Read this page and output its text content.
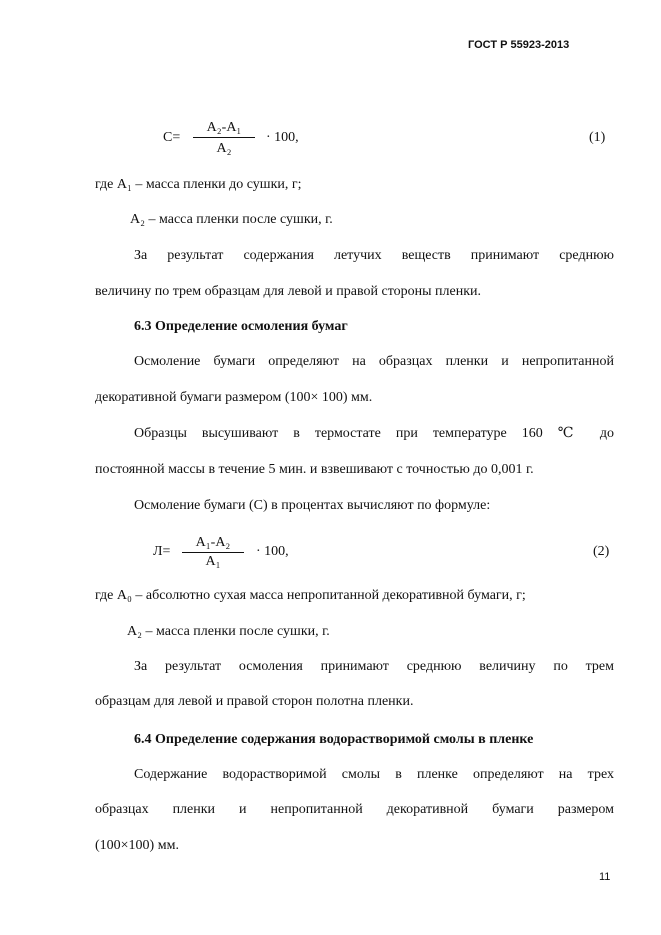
ГОСТ Р 55923-2013
С=
А₂-А₁
А₂
· 100,	(1)
где А₁ – масса пленки до сушки, г;
А₂ – масса пленки после сушки, г.
За результат содержания летучих веществ принимают среднюю
величину по трем образцам для левой и правой стороны пленки.
6.3 Определение осмоления бумаг
Осмоление бумаги определяют на образцах пленки и непропитанной
декоративной бумаги размером (100× 100) мм.
Образцы высушивают в термостате при температуре 160 ℃ до
постоянной массы в течение 5 мин. и взвешивают с точностью до 0,001 г.
Осмоление бумаги (С) в процентах вычисляют по формуле:
Л=
А₁-А₂
А₁
· 100,	(2)
где А₀ – абсолютно сухая масса непропитанной декоративной бумаги, г;
А₂ – масса пленки после сушки, г.
За результат осмоления принимают среднюю величину по трем
образцам для левой и правой сторон полотна пленки.
6.4 Определение содержания водорастворимой смолы в пленке
Содержание водорастворимой смолы в пленке определяют на трех
образцах пленки и непропитанной декоративной бумаги размером
(100×100) мм.
11
